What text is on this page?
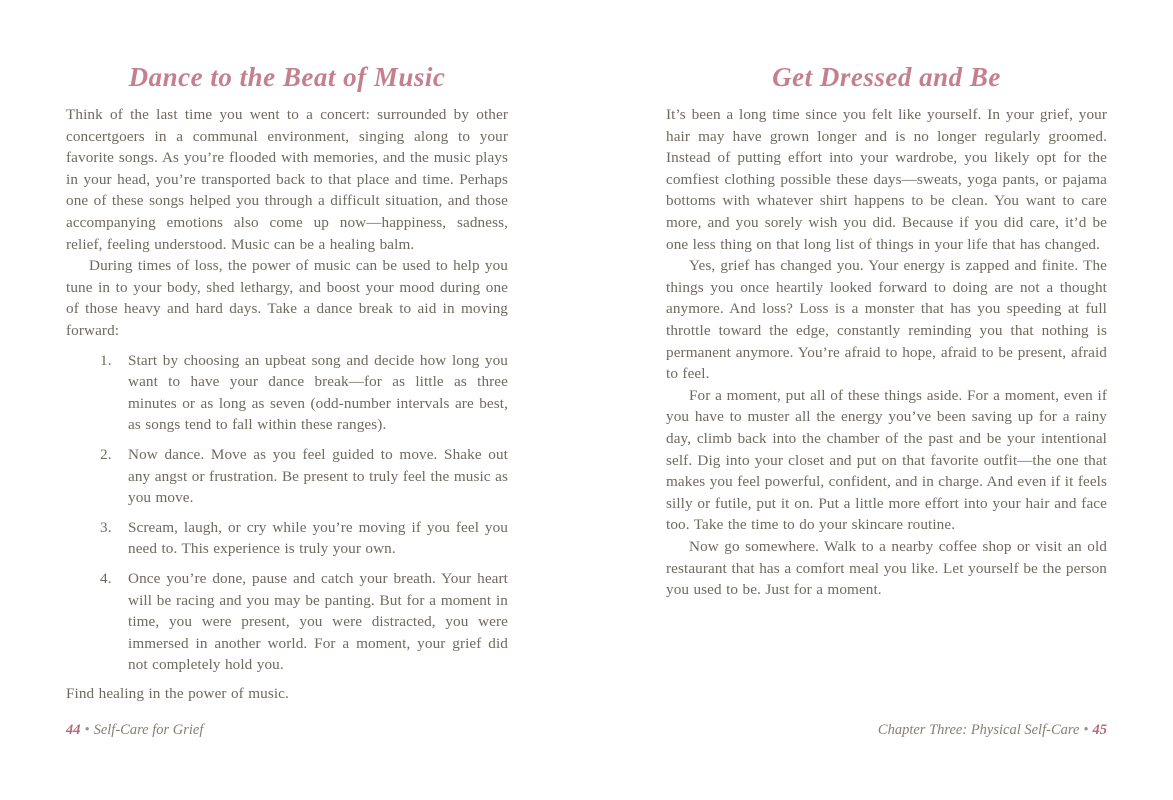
Dance to the Beat of Music

Think of the last time you went to a concert: surrounded by other concertgoers in a communal environment, singing along to your favorite songs. As you’re flooded with memories, and the music plays in your head, you’re transported back to that place and time. Perhaps one of these songs helped you through a difficult situation, and those accompanying emotions also come up now—happiness, sadness, relief, feeling understood. Music can be a healing balm.

During times of loss, the power of music can be used to help you tune in to your body, shed lethargy, and boost your mood during one of those heavy and hard days. Take a dance break to aid in moving forward:

1.	Start by choosing an upbeat song and decide how long you want to have your dance break—for as little as three minutes or as long as seven (odd-number intervals are best, as songs tend to fall within these ranges).
2.	Now dance. Move as you feel guided to move. Shake out any angst or frustration. Be present to truly feel the music as you move.
3.	Scream, laugh, or cry while you’re moving if you feel you need to. This experience is truly your own.
4.	Once you’re done, pause and catch your breath. Your heart will be racing and you may be panting. But for a moment in time, you were present, you were distracted, you were immersed in another world. For a moment, your grief did not completely hold you.

Find healing in the power of music.

Get Dressed and Be

It’s been a long time since you felt like yourself. In your grief, your hair may have grown longer and is no longer regularly groomed. Instead of putting effort into your wardrobe, you likely opt for the comfiest clothing possible these days—sweats, yoga pants, or pajama bottoms with whatever shirt happens to be clean. You want to care more, and you sorely wish you did. Because if you did care, it’d be one less thing on that long list of things in your life that has changed.

Yes, grief has changed you. Your energy is zapped and finite. The things you once heartily looked forward to doing are not a thought anymore. And loss? Loss is a monster that has you speeding at full throttle toward the edge, constantly reminding you that nothing is permanent anymore. You’re afraid to hope, afraid to be present, afraid to feel.

For a moment, put all of these things aside. For a moment, even if you have to muster all the energy you’ve been saving up for a rainy day, climb back into the chamber of the past and be your intentional self. Dig into your closet and put on that favorite outfit—the one that makes you feel powerful, confident, and in charge. And even if it feels silly or futile, put it on. Put a little more effort into your hair and face too. Take the time to do your skincare routine.

Now go somewhere. Walk to a nearby coffee shop or visit an old restaurant that has a comfort meal you like. Let yourself be the person you used to be. Just for a moment.

44 • Self-Care for Grief	Chapter Three: Physical Self-Care • 45
